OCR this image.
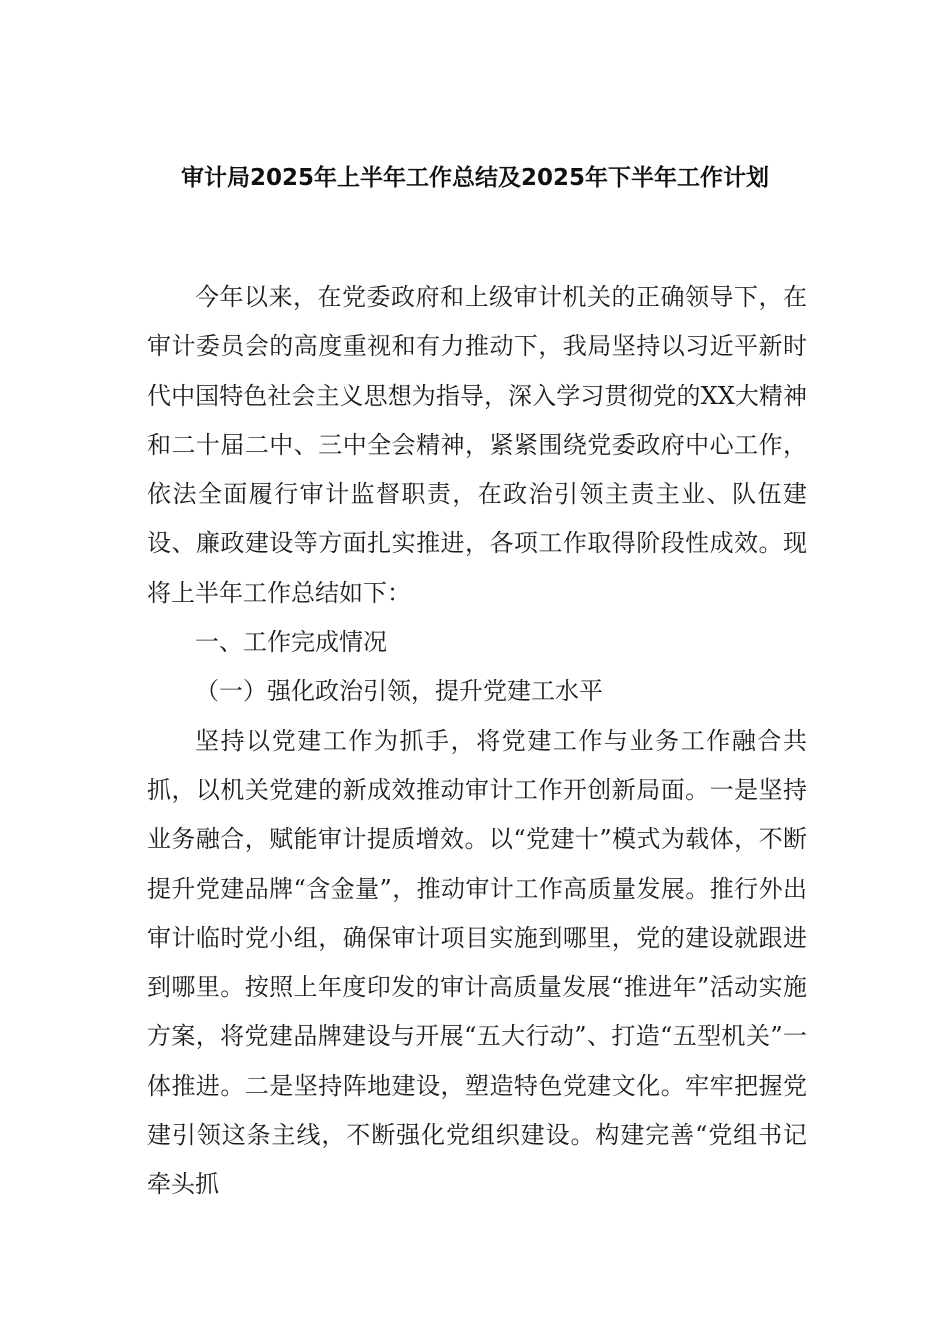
审计局2025年上半年工作总结及2025年下半年工作计划

今年以来，在党委政府和上级审计机关的正确领导下，在审计委员会的高度重视和有力推动下，我局坚持以习近平新时代中国特色社会主义思想为指导，深入学习贯彻党的XX大精神和二十届二中、三中全会精神，紧紧围绕党委政府中心工作，依法全面履行审计监督职责，在政治引领主责主业、队伍建设、廉政建设等方面扎实推进，各项工作取得阶段性成效。现将上半年工作总结如下：

一、工作完成情况

（一）强化政治引领，提升党建工水平

坚持以党建工作为抓手，将党建工作与业务工作融合共抓，以机关党建的新成效推动审计工作开创新局面。一是坚持业务融合，赋能审计提质增效。以“党建十”模式为载体，不断提升党建品牌“含金量”，推动审计工作高质量发展。推行外出审计临时党小组，确保审计项目实施到哪里，党的建设就跟进到哪里。按照上年度印发的审计高质量发展“推进年”活动实施方案，将党建品牌建设与开展“五大行动”、打造“五型机关”一体推进。二是坚持阵地建设，塑造特色党建文化。牢牢把握党建引领这条主线，不断强化党组织建设。构建完善“党组书记牵头抓
